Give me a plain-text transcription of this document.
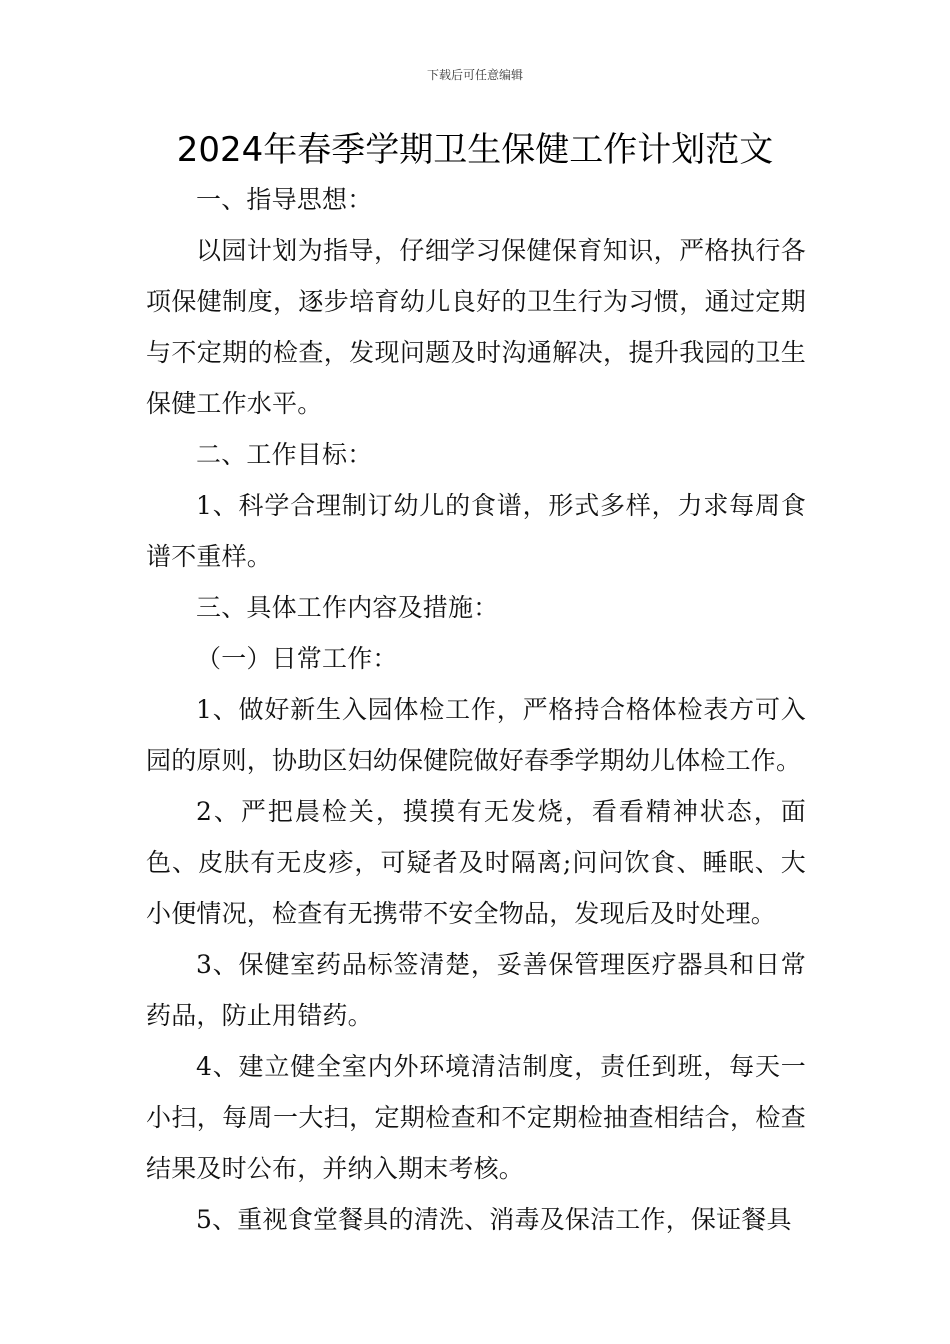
下载后可任意编辑
2024年春季学期卫生保健工作计划范文

一、指导思想：

以园计划为指导，仔细学习保健保育知识，严格执行各项保健制度，逐步培育幼儿良好的卫生行为习惯，通过定期与不定期的检查，发现问题及时沟通解决，提升我园的卫生保健工作水平。

二、工作目标：

1、科学合理制订幼儿的食谱，形式多样，力求每周食谱不重样。

三、具体工作内容及措施：

（一）日常工作：

1、做好新生入园体检工作，严格持合格体检表方可入园的原则，协助区妇幼保健院做好春季学期幼儿体检工作。

2、严把晨检关，摸摸有无发烧，看看精神状态，面色、皮肤有无皮疹，可疑者及时隔离;问问饮食、睡眠、大小便情况，检查有无携带不安全物品，发现后及时处理。

3、保健室药品标签清楚，妥善保管理医疗器具和日常药品，防止用错药。

4、建立健全室内外环境清洁制度，责任到班，每天一小扫，每周一大扫，定期检查和不定期检抽查相结合，检查结果及时公布，并纳入期末考核。

5、重视食堂餐具的清洗、消毒及保洁工作，保证餐具
